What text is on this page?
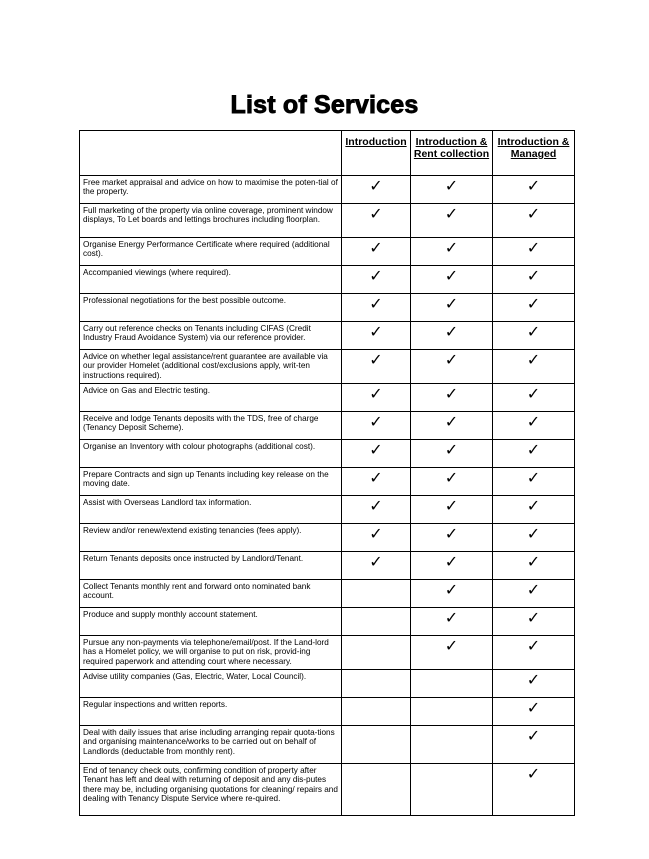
List of Services
	Introduction	Introduction & Rent collection	Introduction & Managed
Free market appraisal and advice on how to maximise the poten-tial of the property.	✓	✓	✓
Full marketing of the property via online coverage, prominent window displays, To Let boards and lettings brochures including floorplan.	✓	✓	✓
Organise Energy Performance Certificate where required (additional cost).	✓	✓	✓
Accompanied viewings (where required).	✓	✓	✓
Professional negotiations for the best possible outcome.	✓	✓	✓
Carry out reference checks on Tenants including CIFAS (Credit Industry Fraud Avoidance System) via our reference provider.	✓	✓	✓
Advice on whether legal assistance/rent guarantee are available via our provider Homelet (additional cost/exclusions apply, writ-ten instructions required).	✓	✓	✓
Advice on Gas and Electric testing.	✓	✓	✓
Receive and lodge Tenants deposits with the TDS, free of charge (Tenancy Deposit Scheme).	✓	✓	✓
Organise an Inventory with colour photographs (additional cost).	✓	✓	✓
Prepare Contracts and sign up Tenants including key release on the moving date.	✓	✓	✓
Assist with Overseas Landlord tax information.	✓	✓	✓
Review and/or renew/extend existing tenancies (fees apply).	✓	✓	✓
Return Tenants deposits once instructed by Landlord/Tenant.	✓	✓	✓
Collect Tenants monthly rent and forward onto nominated bank account.		✓	✓
Produce and supply monthly account statement.		✓	✓
Pursue any non-payments via telephone/email/post. If the Land-lord has a Homelet policy, we will organise to put on risk, provid-ing required paperwork and attending court where necessary.		✓	✓
Advise utility companies (Gas, Electric, Water, Local Council).			✓
Regular inspections and written reports.			✓
Deal with daily issues that arise including arranging repair quota-tions and organising maintenance/works to be carried out on behalf of Landlords (deductable from monthly rent).			✓
End of tenancy check outs, confirming condition of property after Tenant has left and deal with returning of deposit and any dis-putes there may be, including organising quotations for cleaning/ repairs and dealing with Tenancy Dispute Service where re-quired.			✓
